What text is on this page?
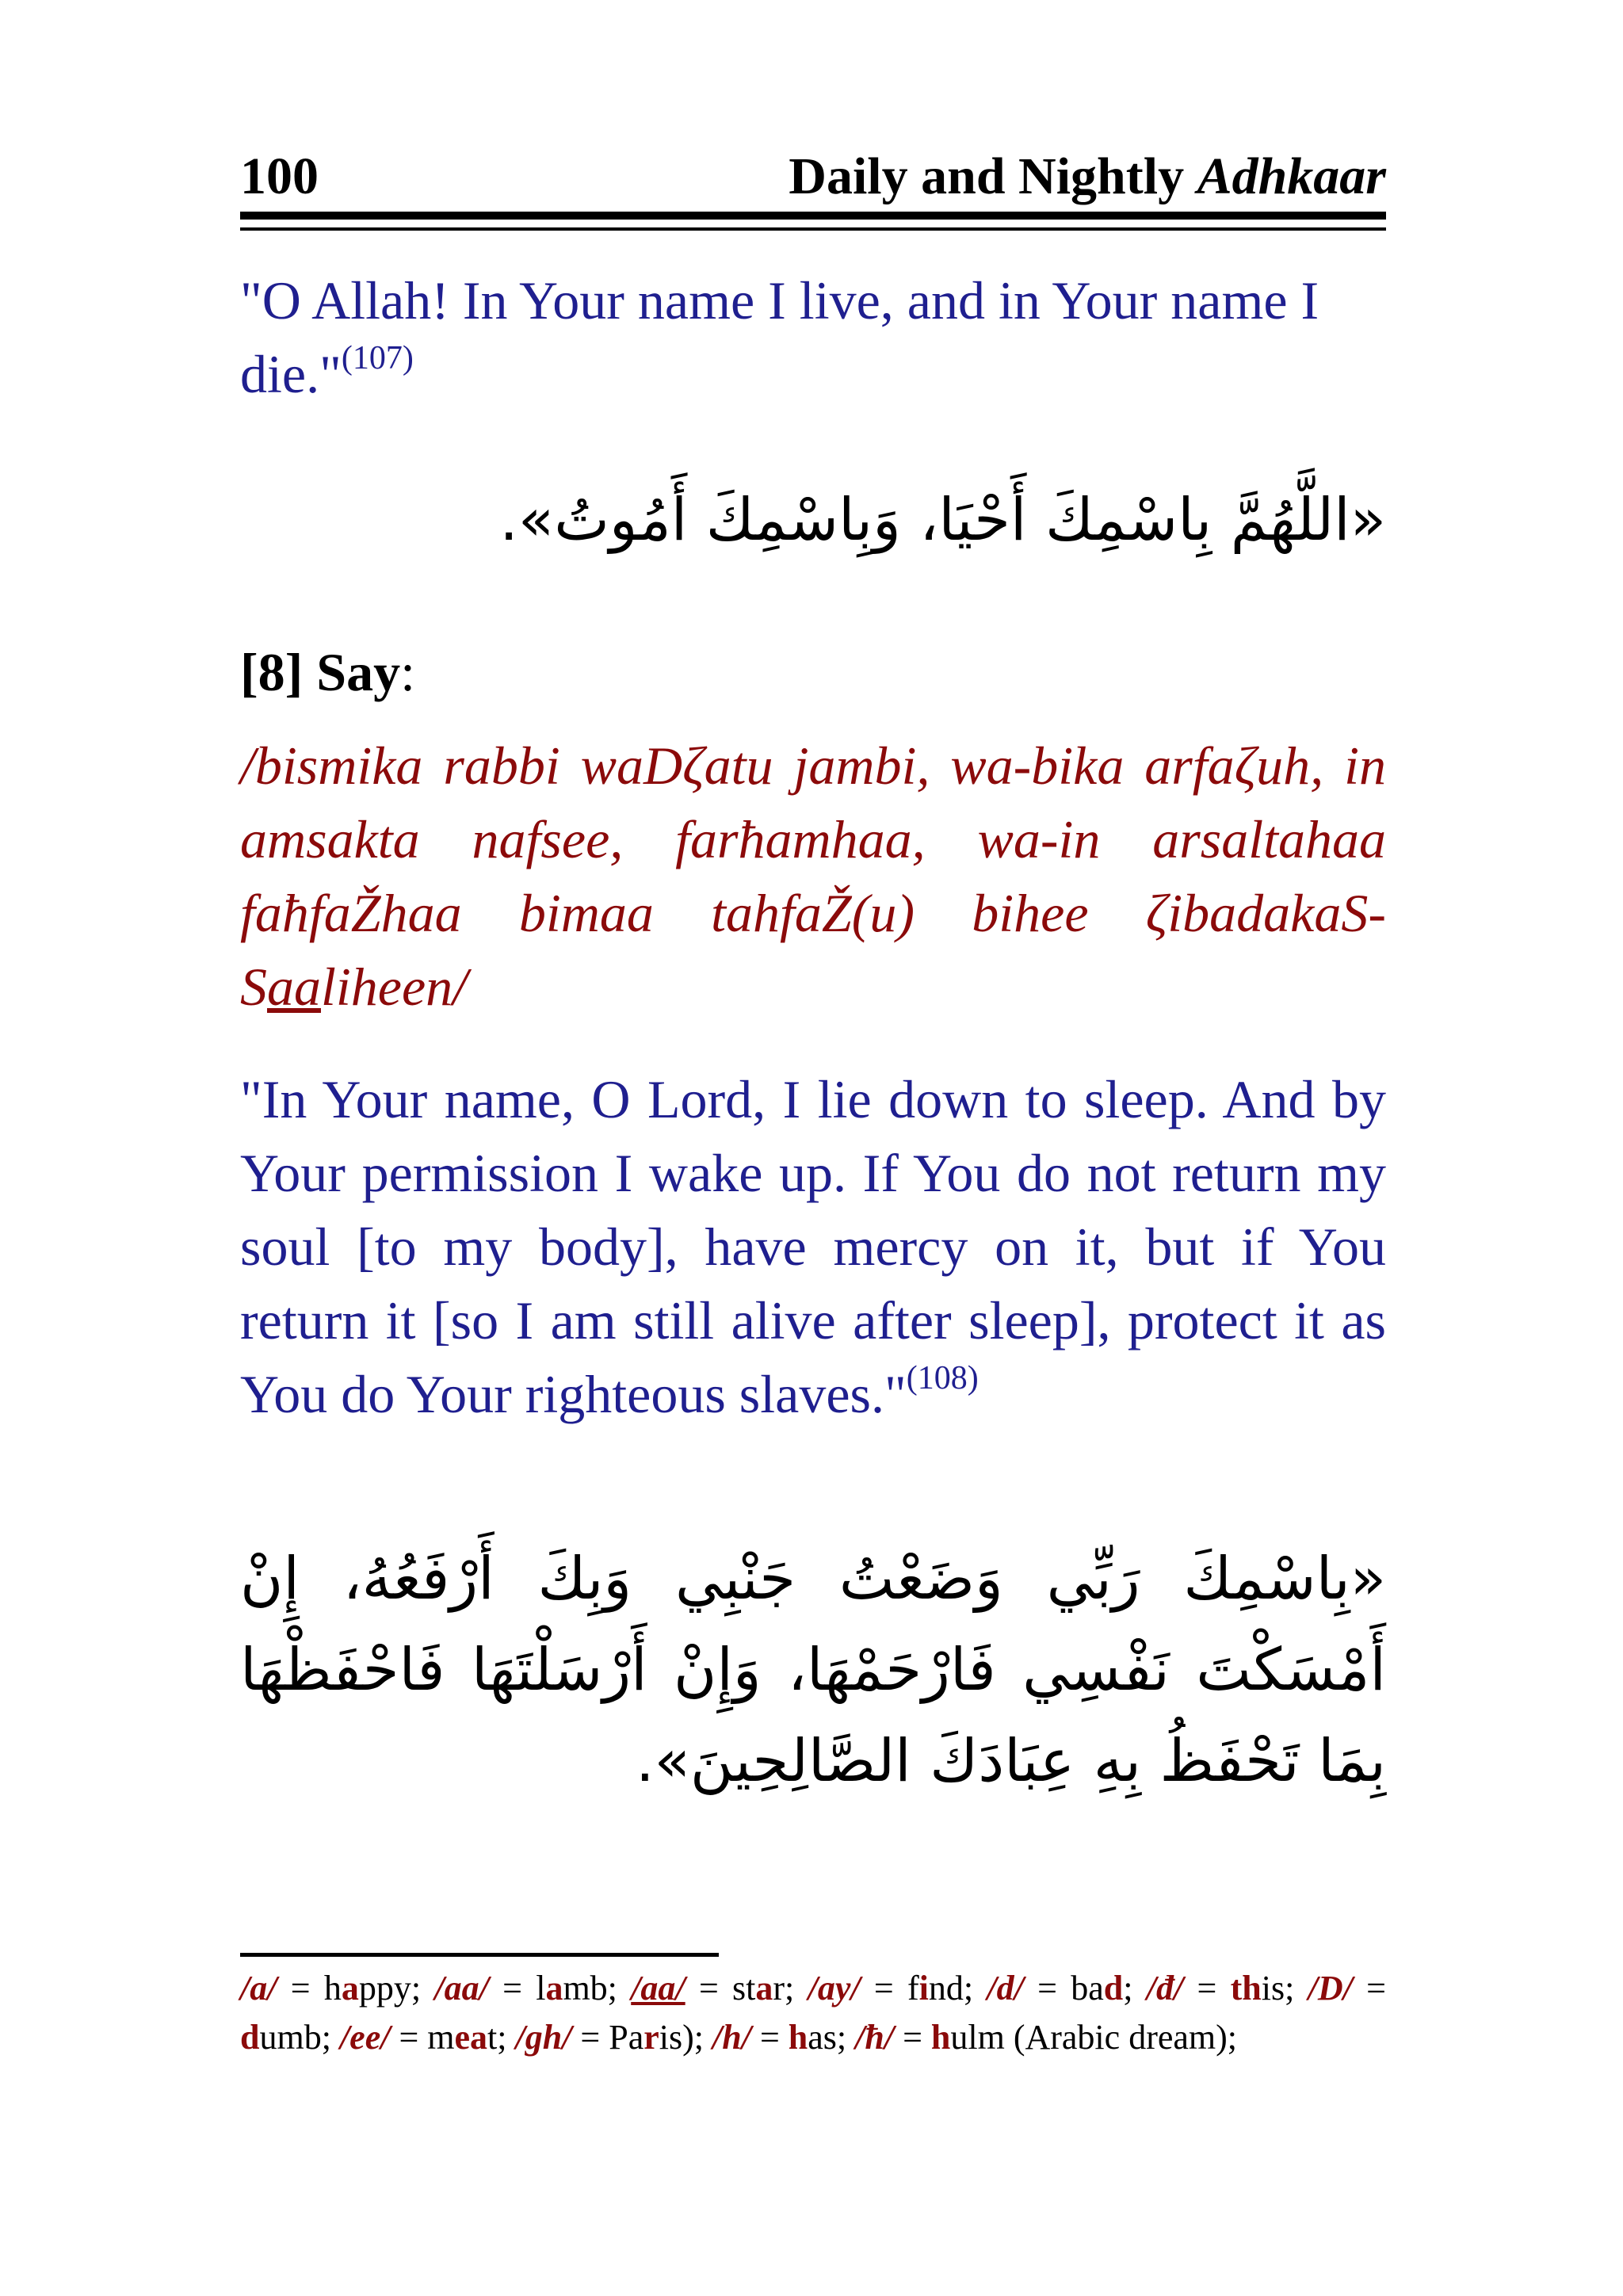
100	Daily and Nightly Adhkaar

"O Allah! In Your name I live, and in Your name I die."$^{(107)}$

«اللَّهُمَّ بِاسْمِكَ أَحْيَا، وَبِاسْمِكَ أَمُوتُ».

[8] Say:

/bismika rabbi waDζatu jambi, wa-bika arfaζuh, in amsakta nafsee, farħamhaa, wa-in arsaltahaa faħfaŽhaa bimaa tahfaŽ(u) bihee ζibadakaS-Saaliheen/

"In Your name, O Lord, I lie down to sleep. And by Your permission I wake up. If You do not return my soul [to my body], have mercy on it, but if You return it [so I am still alive after sleep], protect it as You do Your righteous slaves."$^{(108)}$

«بِاسْمِكَ رَبِّي وَضَعْتُ جَنْبِي وَبِكَ أَرْفَعُهُ، إِنْ أَمْسَكْتَ نَفْسِي فَارْحَمْهَا، وَإِنْ أَرْسَلْتَهَا فَاحْفَظْهَا بِمَا تَحْفَظُ بِهِ عِبَادَكَ الصَّالِحِينَ».

/a/ = happy; /aa/ = lamb; /aa/ = star; /ay/ = find; /d/ = bad; /đ/ = this; /D/ = dumb; /ee/ = meat; /gh/ = Paris); /h/ = has; /ħ/ = hulm (Arabic dream);
